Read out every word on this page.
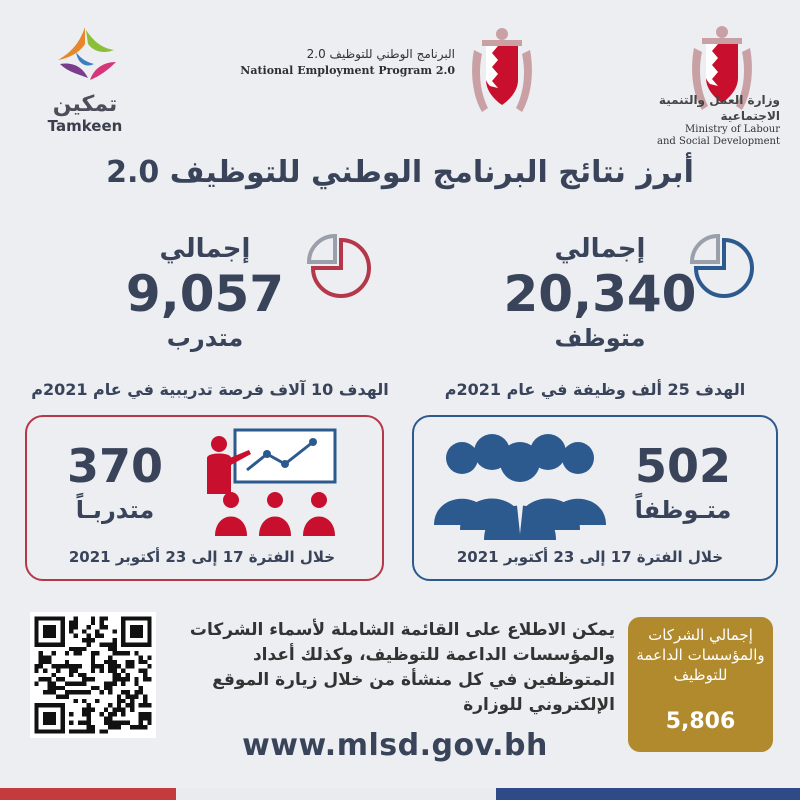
تمكين
Tamkeen
البرنامج الوطني للتوظيف 2.0
National Employment Program 2.0
وزارة العمل والتنمية الاجتماعية
Ministry of Labour
and Social Development
أبرز نتائج البرنامج الوطني للتوظيف 2.0
إجمالي
20,340
متوظف
الهدف 25 ألف وظيفة في عام 2021م
إجمالي
9,057
متدرب
الهدف 10 آلاف فرصة تدريبية في عام 2021م
502
متـوظفاً
خلال الفترة 17 إلى 23 أكتوبر 2021
370
متدربـاً
خلال الفترة 17 إلى 23 أكتوبر 2021
يمكن الاطلاع على القائمة الشاملة لأسماء الشركات والمؤسسات الداعمة للتوظيف، وكذلك أعداد المتوظفين في كل منشأة من خلال زيارة الموقع الإلكتروني للوزارة
www.mlsd.gov.bh
إجمالي الشركات والمؤسسات الداعمة للتوظيف
5,806
